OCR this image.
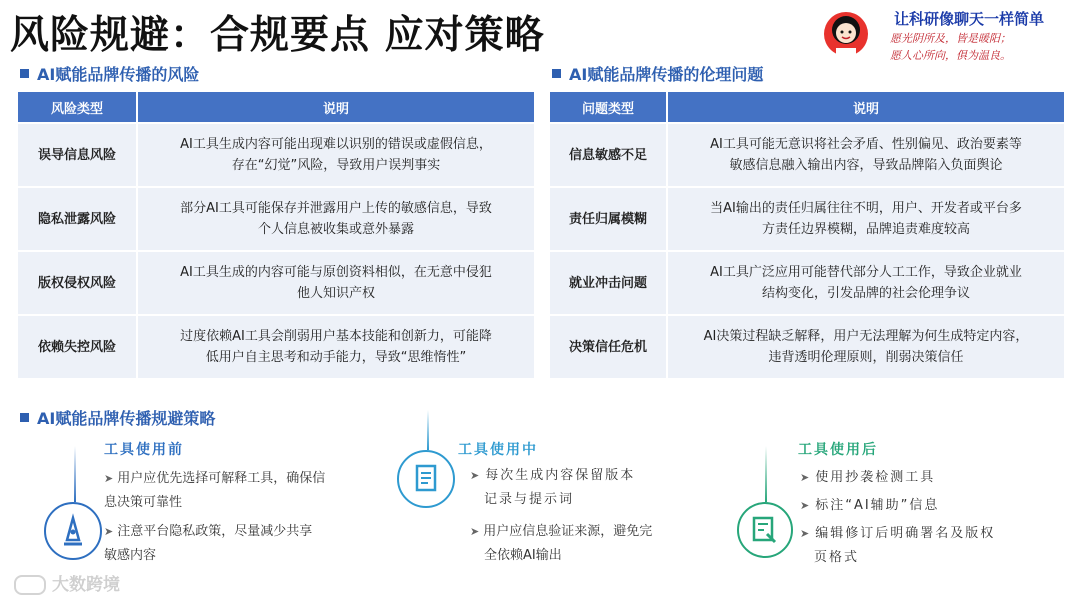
风险规避：合规要点 应对策略	让科研像聊天一样简单
愿光阴所及，皆是暖阳；
愿人心所向，俱为温良。
AI赋能品牌传播的风险
风险类型	说明
误导信息风险	AI工具生成内容可能出现难以识别的错误或虚假信息，
存在“幻觉”风险，导致用户误判事实
隐私泄露风险	部分AI工具可能保存并泄露用户上传的敏感信息，导致
个人信息被收集或意外暴露
版权侵权风险	AI工具生成的内容可能与原创资料相似，在无意中侵犯
他人知识产权
依赖失控风险	过度依赖AI工具会削弱用户基本技能和创新力，可能降
低用户自主思考和动手能力，导致“思维惰性”
AI赋能品牌传播的伦理问题
问题类型	说明
信息敏感不足	AI工具可能无意识将社会矛盾、性别偏见、政治要素等
敏感信息融入输出内容，导致品牌陷入负面舆论
责任归属模糊	当AI输出的责任归属往往不明，用户、开发者或平台多
方责任边界模糊，品牌追责难度较高
就业冲击问题	AI工具广泛应用可能替代部分人工工作，导致企业就业
结构变化，引发品牌的社会伦理争议
决策信任危机	AI决策过程缺乏解释，用户无法理解为何生成特定内容，
违背透明伦理原则，削弱决策信任
AI赋能品牌传播规避策略
工具使用前
➤ 用户应优先选择可解释工具，确保信
息决策可靠性
➤ 注意平台隐私政策，尽量减少共享
敏感内容
工具使用中
➤ 每次生成内容保留版本
记录与提示词
➤ 用户应信息验证来源，避免完
全依赖AI输出
工具使用后
➤ 使用抄袭检测工具
➤ 标注“AI辅助”信息
➤ 编辑修订后明确署名及版权
页格式
大数跨境
